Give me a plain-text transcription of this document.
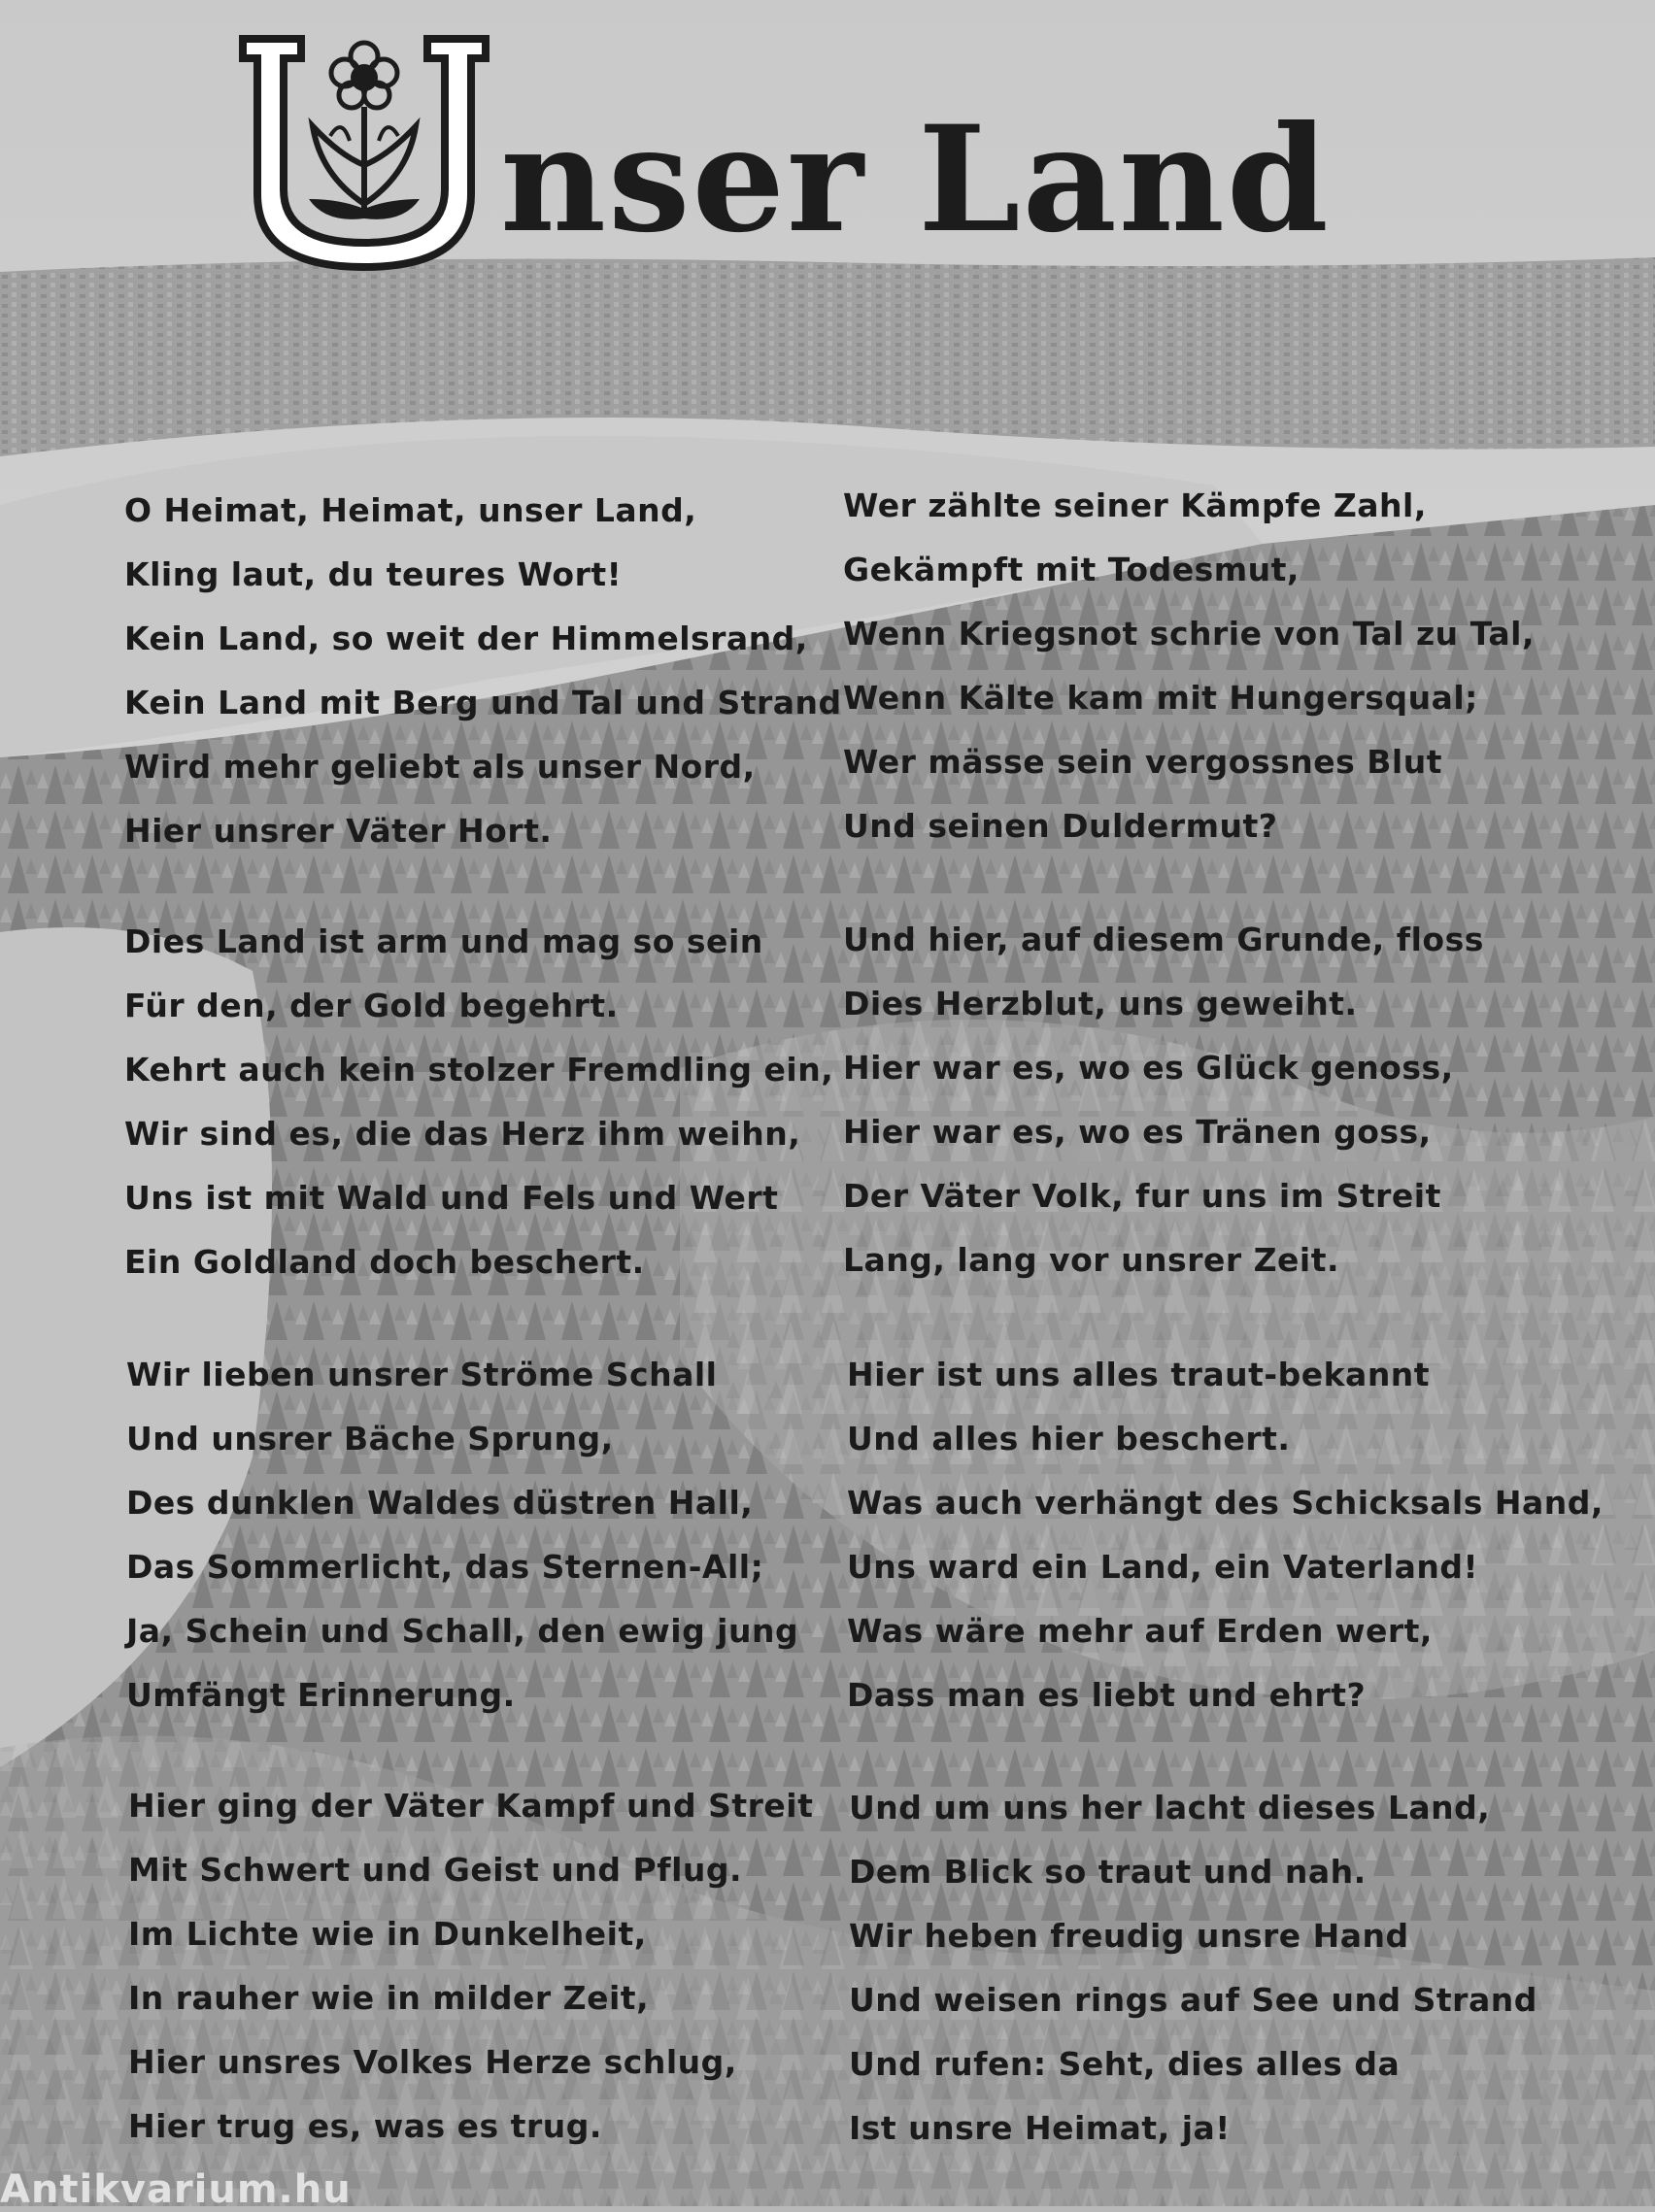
U nser Land
O Heimat, Heimat, unser Land,
Kling laut, du teures Wort!
Kein Land, so weit der Himmelsrand,
Kein Land mit Berg und Tal und Strand
Wird mehr geliebt als unser Nord,
Hier unsrer Väter Hort.
Dies Land ist arm und mag so sein
Für den, der Gold begehrt.
Kehrt auch kein stolzer Fremdling ein,
Wir sind es, die das Herz ihm weihn,
Uns ist mit Wald und Fels und Wert
Ein Goldland doch beschert.
Wir lieben unsrer Ströme Schall
Und unsrer Bäche Sprung,
Des dunklen Waldes düstren Hall,
Das Sommerlicht, das Sternen-All;
Ja, Schein und Schall, den ewig jung
Umfängt Erinnerung.
Hier ging der Väter Kampf und Streit
Mit Schwert und Geist und Pflug.
Im Lichte wie in Dunkelheit,
In rauher wie in milder Zeit,
Hier unsres Volkes Herze schlug,
Hier trug es, was es trug.
Wer zählte seiner Kämpfe Zahl,
Gekämpft mit Todesmut,
Wenn Kriegsnot schrie von Tal zu Tal,
Wenn Kälte kam mit Hungersqual;
Wer mässe sein vergossnes Blut
Und seinen Duldermut?
Und hier, auf diesem Grunde, floss
Dies Herzblut, uns geweiht.
Hier war es, wo es Glück genoss,
Hier war es, wo es Tränen goss,
Der Väter Volk, fur uns im Streit
Lang, lang vor unsrer Zeit.
Hier ist uns alles traut-bekannt
Und alles hier beschert.
Was auch verhängt des Schicksals Hand,
Uns ward ein Land, ein Vaterland!
Was wäre mehr auf Erden wert,
Dass man es liebt und ehrt?
Und um uns her lacht dieses Land,
Dem Blick so traut und nah.
Wir heben freudig unsre Hand
Und weisen rings auf See und Strand
Und rufen: Seht, dies alles da
Ist unsre Heimat, ja!
Antikvarium.hu
